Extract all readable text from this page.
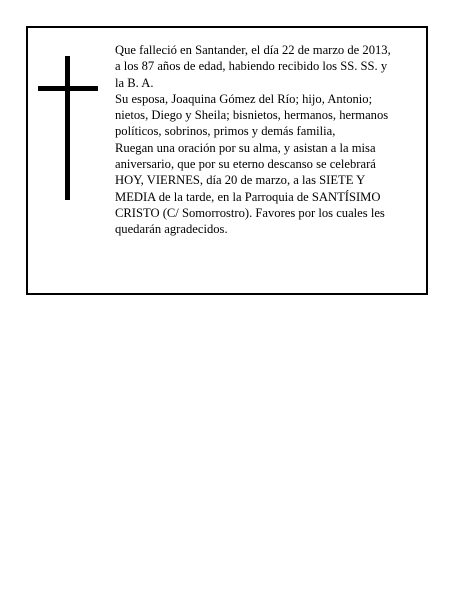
Que falleció en Santander, el día 22 de marzo de 2013,
a los 87 años de edad, habiendo recibido los SS. SS. y
la B. A.
Su esposa, Joaquina Gómez del Río; hijo, Antonio;
nietos, Diego y Sheila; bisnietos, hermanos, hermanos
políticos, sobrinos, primos y demás familia,
Ruegan una oración por su alma, y asistan a la misa
aniversario, que por su eterno descanso se celebrará
HOY, VIERNES, día 20 de marzo, a las SIETE Y
MEDIA de la tarde, en la Parroquia de SANTÍSIMO
CRISTO (C/ Somorrostro). Favores por los cuales les
quedarán agradecidos.
